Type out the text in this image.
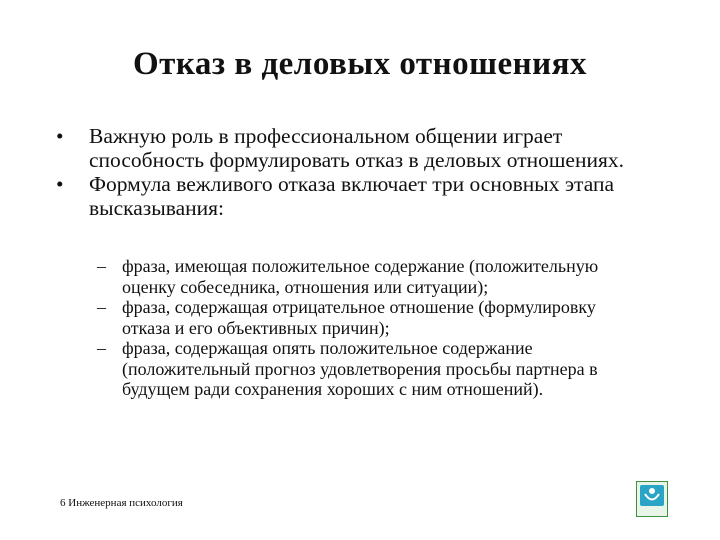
Отказ в деловых отношениях
•	Важную роль в профессиональном общении играет способность формулировать отказ в деловых отношениях.
•	Формула вежливого отказа включает три основных этапа высказывания:
– фраза, имеющая положительное содержание (положительную оценку собеседника, отношения или ситуации);
– фраза, содержащая отрицательное отношение (формулировку отказа и его объективных причин);
– фраза, содержащая опять положительное содержание (положительный прогноз удовлетворения просьбы партнера в будущем ради сохранения хороших с ним отношений).
6 Инженерная психология
